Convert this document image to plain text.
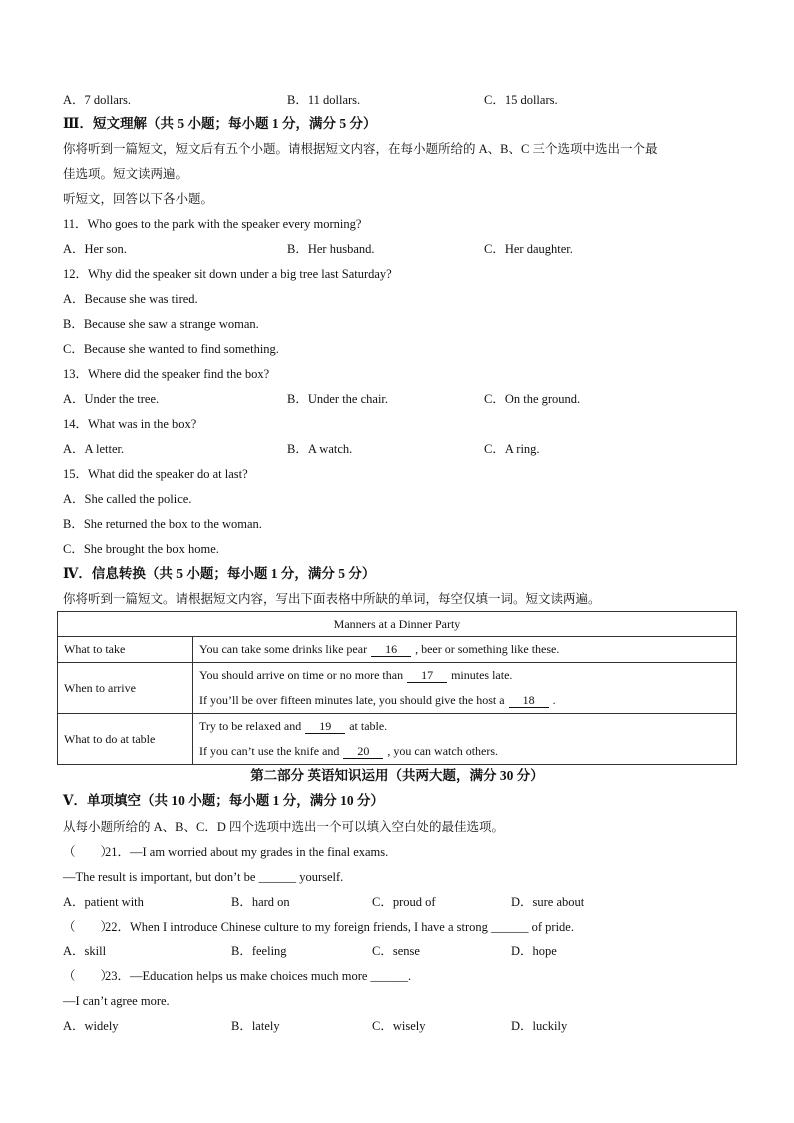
A．7 dollars.	B．11 dollars.	C．15 dollars.
Ⅲ．短文理解（共 5 小题；每小题 1 分，满分 5 分）
你将听到一篇短文，短文后有五个小题。请根据短文内容，在每小题所给的 A、B、C 三个选项中选出一个最
佳选项。短文读两遍。
听短文，回答以下各小题。
11．Who goes to the park with the speaker every morning?
A．Her son.	B．Her husband.	C．Her daughter.
12．Why did the speaker sit down under a big tree last Saturday?
A．Because she was tired.
B．Because she saw a strange woman.
C．Because she wanted to find something.
13．Where did the speaker find the box?
A．Under the tree.	B．Under the chair.	C．On the ground.
14．What was in the box?
A．A letter.	B．A watch.	C．A ring.
15．What did the speaker do at last?
A．She called the police.
B．She returned the box to the woman.
C．She brought the box home.
Ⅳ．信息转换（共 5 小题；每小题 1 分，满分 5 分）
你将听到一篇短文。请根据短文内容，写出下面表格中所缺的单词，每空仅填一词。短文读两遍。
Manners at a Dinner Party	
What to take	You can take some drinks like pear 16 , beer or something like these.

When to arrive	You should arrive on time or no more than 17 minutes late.
If you’ll be over fifteen minutes late, you should give the host a 18 .

What to do at table	Try to be relaxed and 19 at table.
If you can’t use the knife and 20 , you can watch others.
第二部分 英语知识运用（共两大题，满分 30 分）
Ⅴ．单项填空（共 10 小题；每小题 1 分，满分 10 分）
从每小题所给的 A、B、C．D 四个选项中选出一个可以填入空白处的最佳选项。
（　　）21．—I am worried about my grades in the final exams.
—The result is important, but don’t be ______ yourself.
A．patient with	B．hard on	C．proud of	D．sure about
（　　）22．When I introduce Chinese culture to my foreign friends, I have a strong ______ of pride.
A．skill	B．feeling	C．sense	D．hope
（　　）23．—Education helps us make choices much more ______.
—I can’t agree more.
A．widely	B．lately	C．wisely	D．luckily
